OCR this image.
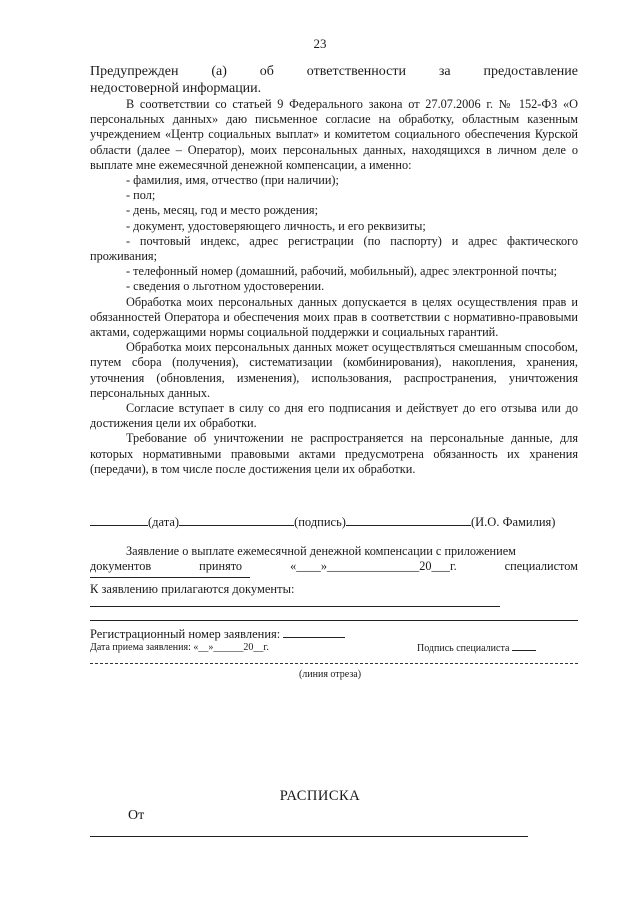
23

Предупрежден (а) об ответственности за предоставление
недостоверной информации.

В соответствии со статьей 9 Федерального закона от 27.07.2006 г. № 152-ФЗ «О персональных данных» даю письменное согласие на обработку, областным казенным учреждением «Центр социальных выплат» и комитетом социального обеспечения Курской области (далее – Оператор), моих персональных данных, находящихся в личном деле о выплате мне ежемесячной денежной компенсации, а именно:

- фамилия, имя, отчество (при наличии);

- пол;

- день, месяц, год и место рождения;

- документ, удостоверяющего личность, и его реквизиты;

- почтовый индекс, адрес регистрации (по паспорту) и адрес фактического проживания;

- телефонный номер (домашний, рабочий, мобильный), адрес электронной почты;

- сведения о льготном удостоверении.

Обработка моих персональных данных допускается в целях осуществления прав и обязанностей Оператора и обеспечения моих прав в соответствии с нормативно-правовыми актами, содержащими нормы социальной поддержки и социальных гарантий.

Обработка моих персональных данных может осуществляться смешанным способом, путем сбора (получения), систематизации (комбинирования), накопления, хранения, уточнения (обновления, изменения), использования, распространения, уничтожения персональных данных.

Согласие вступает в силу со дня его подписания и действует до его отзыва или до достижения цели их обработки.

Требование об уничтожении не распространяется на персональные данные, для которых нормативными правовыми актами предусмотрена обязанность их хранения (передачи), в том числе после достижения цели их обработки.

(дата)	(подпись)	(И.О. Фамилия)
Заявление о выплате ежемесячной денежной компенсации с приложением
документов	принято	«____»_______________20___г.	специалистом
К заявлению прилагаются документы:
Регистрационный номер заявления:
Дата приема заявления: «__»______20__г.	Подпись специалиста
(линия отреза)
РАСПИСКА
От
